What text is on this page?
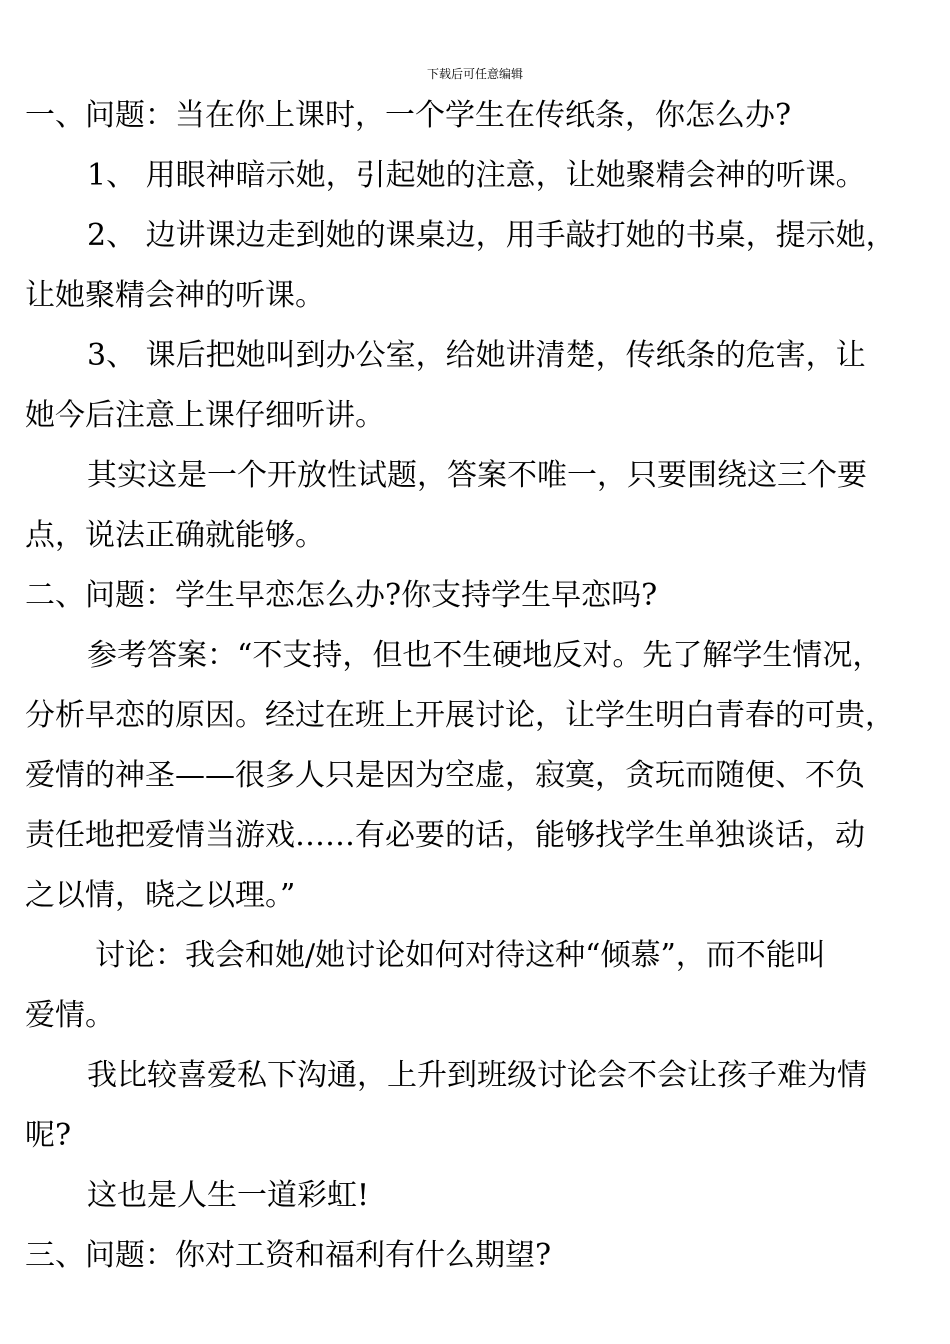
下载后可任意编辑
一、问题：当在你上课时，一个学生在传纸条，你怎么办?
1、 用眼神暗示她，引起她的注意，让她聚精会神的听课。
2、 边讲课边走到她的课桌边，用手敲打她的书桌，提示她，
让她聚精会神的听课。
3、 课后把她叫到办公室，给她讲清楚，传纸条的危害，让
她今后注意上课仔细听讲。
其实这是一个开放性试题，答案不唯一，只要围绕这三个要
点，说法正确就能够。
二、问题：学生早恋怎么办?你支持学生早恋吗?
参考答案：“不支持，但也不生硬地反对。先了解学生情况，
分析早恋的原因。经过在班上开展讨论，让学生明白青春的可贵，
爱情的神圣——很多人只是因为空虚，寂寞，贪玩而随便、不负
责任地把爱情当游戏……有必要的话，能够找学生单独谈话，动
之以情，晓之以理。”
讨论：我会和她/她讨论如何对待这种“倾慕”，而不能叫
爱情。
我比较喜爱私下沟通，上升到班级讨论会不会让孩子难为情
呢?
这也是人生一道彩虹!
三、问题：你对工资和福利有什么期望?
